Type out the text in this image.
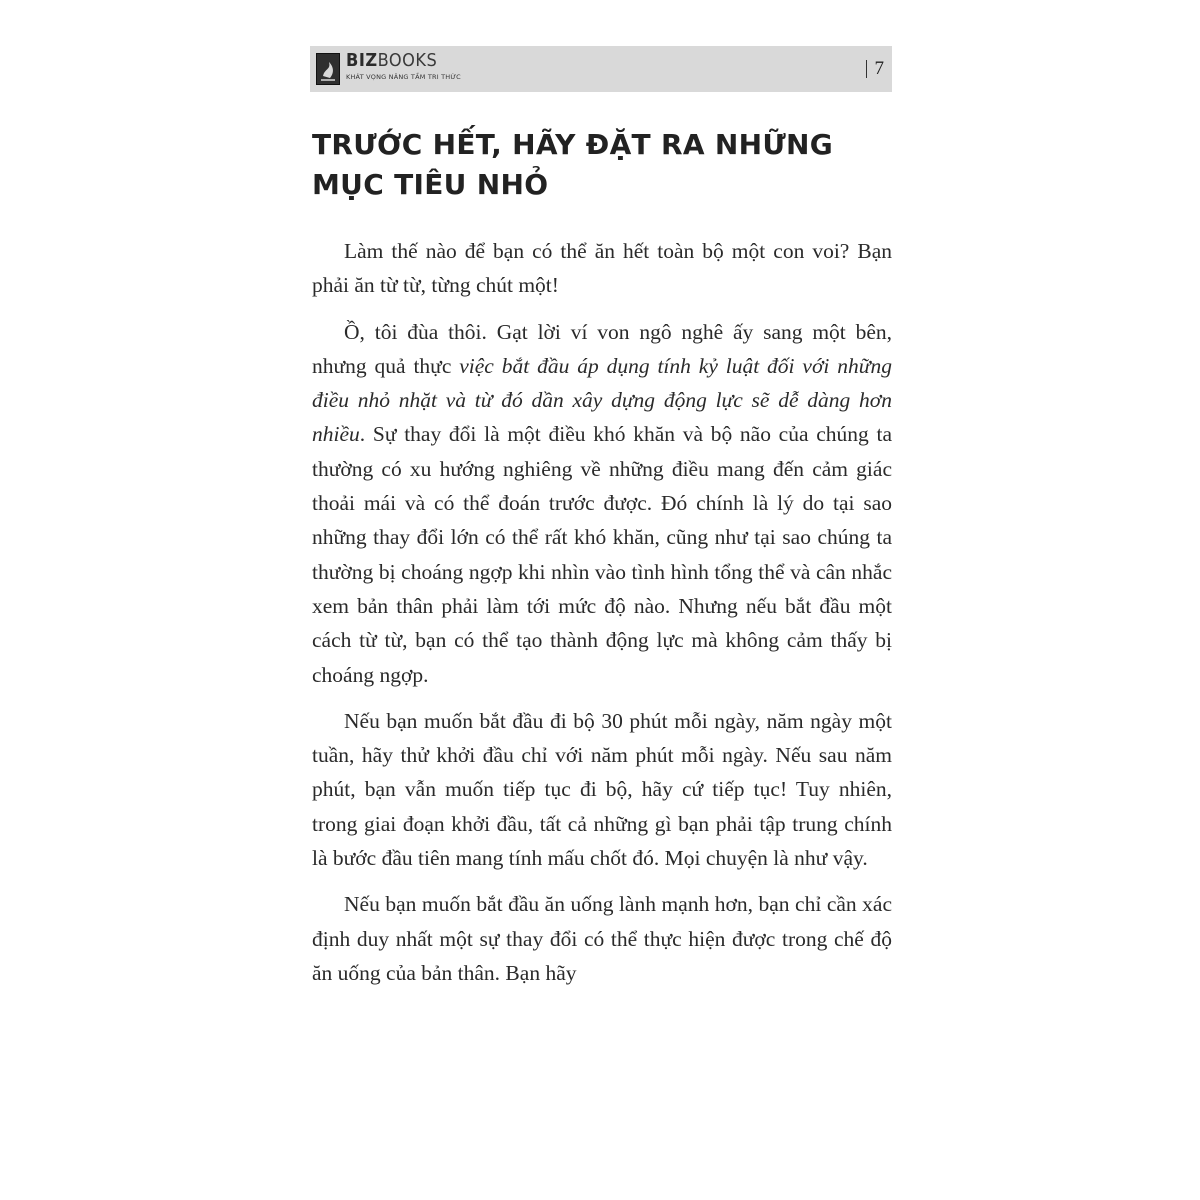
BIZBOOKS
KHÁT VỌNG NÂNG TẦM TRI THỨC	7
TRƯỚC HẾT, HÃY ĐẶT RA NHỮNG MỤC TIÊU NHỎ

Làm thế nào để bạn có thể ăn hết toàn bộ một con voi? Bạn phải ăn từ từ, từng chút một!

Ồ, tôi đùa thôi. Gạt lời ví von ngô nghê ấy sang một bên, nhưng quả thực việc bắt đầu áp dụng tính kỷ luật đối với những điều nhỏ nhặt và từ đó dần xây dựng động lực sẽ dễ dàng hơn nhiều. Sự thay đổi là một điều khó khăn và bộ não của chúng ta thường có xu hướng nghiêng về những điều mang đến cảm giác thoải mái và có thể đoán trước được. Đó chính là lý do tại sao những thay đổi lớn có thể rất khó khăn, cũng như tại sao chúng ta thường bị choáng ngợp khi nhìn vào tình hình tổng thể và cân nhắc xem bản thân phải làm tới mức độ nào. Nhưng nếu bắt đầu một cách từ từ, bạn có thể tạo thành động lực mà không cảm thấy bị choáng ngợp.

Nếu bạn muốn bắt đầu đi bộ 30 phút mỗi ngày, năm ngày một tuần, hãy thử khởi đầu chỉ với năm phút mỗi ngày. Nếu sau năm phút, bạn vẫn muốn tiếp tục đi bộ, hãy cứ tiếp tục! Tuy nhiên, trong giai đoạn khởi đầu, tất cả những gì bạn phải tập trung chính là bước đầu tiên mang tính mấu chốt đó. Mọi chuyện là như vậy.

Nếu bạn muốn bắt đầu ăn uống lành mạnh hơn, bạn chỉ cần xác định duy nhất một sự thay đổi có thể thực hiện được trong chế độ ăn uống của bản thân. Bạn hãy
